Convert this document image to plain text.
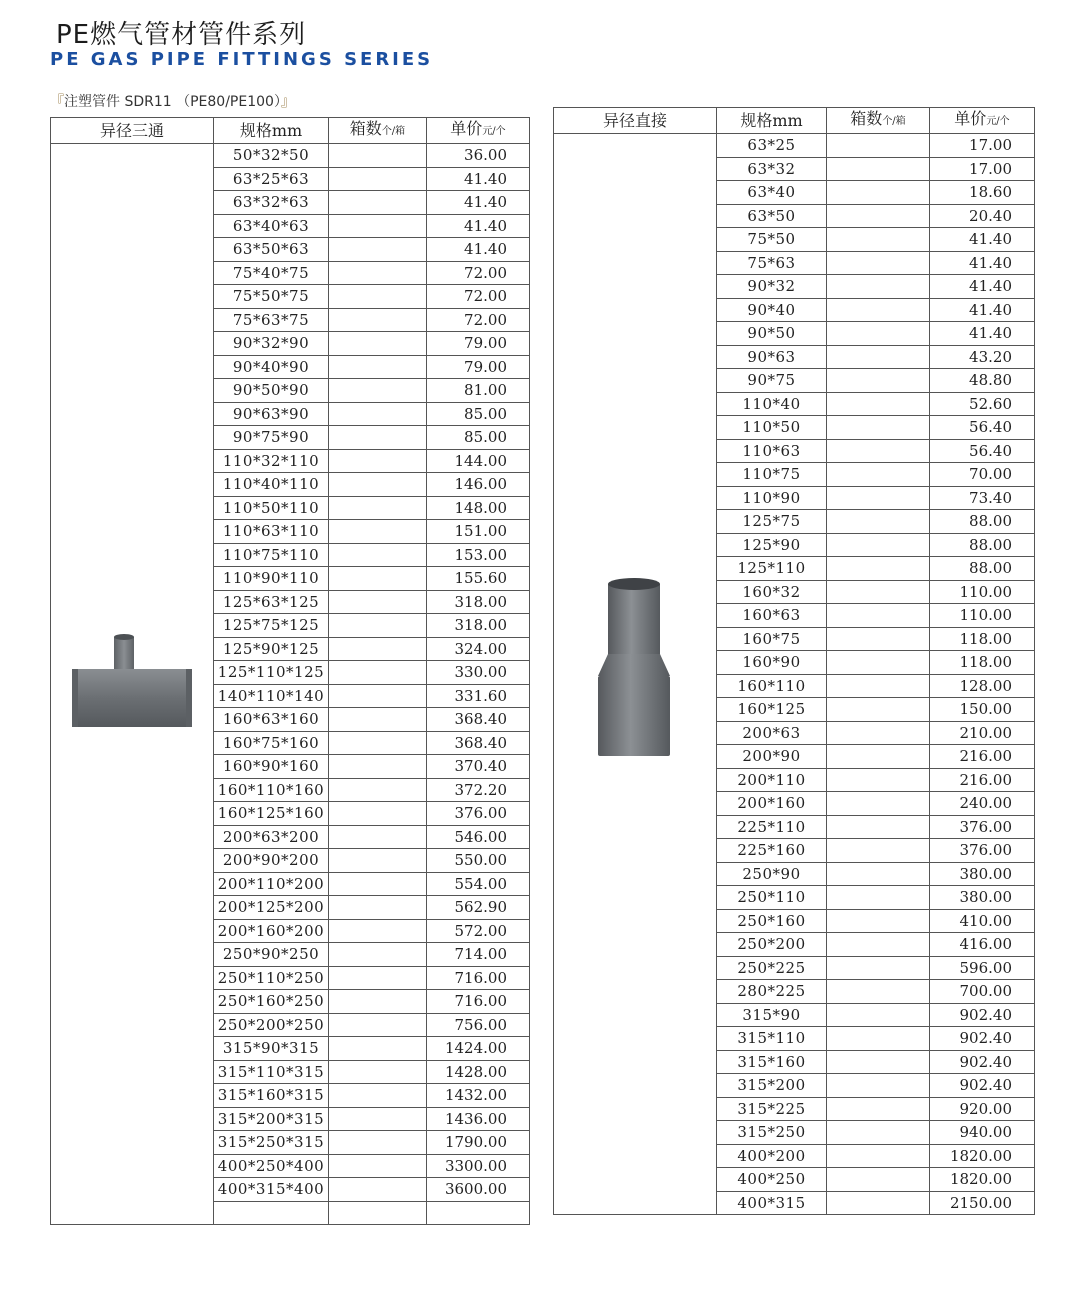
PE燃气管材管件系列
PE GAS PIPE FITTINGS SERIES
『注塑管件 SDR11 （PE80/PE100）』
异径三通	规格mm	箱数个/箱	单价元/个
	50*32*50		36.00
	63*25*63		41.40
	63*32*63		41.40
	63*40*63		41.40
	63*50*63		41.40
	75*40*75		72.00
	75*50*75		72.00
	75*63*75		72.00
	90*32*90		79.00
	90*40*90		79.00
	90*50*90		81.00
	90*63*90		85.00
	90*75*90		85.00
	110*32*110		144.00
	110*40*110		146.00
	110*50*110		148.00
	110*63*110		151.00
	110*75*110		153.00
	110*90*110		155.60
	125*63*125		318.00
	125*75*125		318.00
	125*90*125		324.00
	125*110*125		330.00
	140*110*140		331.60
	160*63*160		368.40
	160*75*160		368.40
	160*90*160		370.40
	160*110*160		372.20
	160*125*160		376.00
	200*63*200		546.00
	200*90*200		550.00
	200*110*200		554.00
	200*125*200		562.90
	200*160*200		572.00
	250*90*250		714.00
	250*110*250		716.00
	250*160*250		716.00
	250*200*250		756.00
	315*90*315		1424.00
	315*110*315		1428.00
	315*160*315		1432.00
	315*200*315		1436.00
	315*250*315		1790.00
	400*250*400		3300.00
	400*315*400		3600.00

异径直接	规格mm	箱数个/箱	单价元/个
	63*25		17.00
	63*32		17.00
	63*40		18.60
	63*50		20.40
	75*50		41.40
	75*63		41.40
	90*32		41.40
	90*40		41.40
	90*50		41.40
	90*63		43.20
	90*75		48.80
	110*40		52.60
	110*50		56.40
	110*63		56.40
	110*75		70.00
	110*90		73.40
	125*75		88.00
	125*90		88.00
	125*110		88.00
	160*32		110.00
	160*63		110.00
	160*75		118.00
	160*90		118.00
	160*110		128.00
	160*125		150.00
	200*63		210.00
	200*90		216.00
	200*110		216.00
	200*160		240.00
	225*110		376.00
	225*160		376.00
	250*90		380.00
	250*110		380.00
	250*160		410.00
	250*200		416.00
	250*225		596.00
	280*225		700.00
	315*90		902.40
	315*110		902.40
	315*160		902.40
	315*200		902.40
	315*225		920.00
	315*250		940.00
	400*200		1820.00
	400*250		1820.00
	400*315		2150.00
